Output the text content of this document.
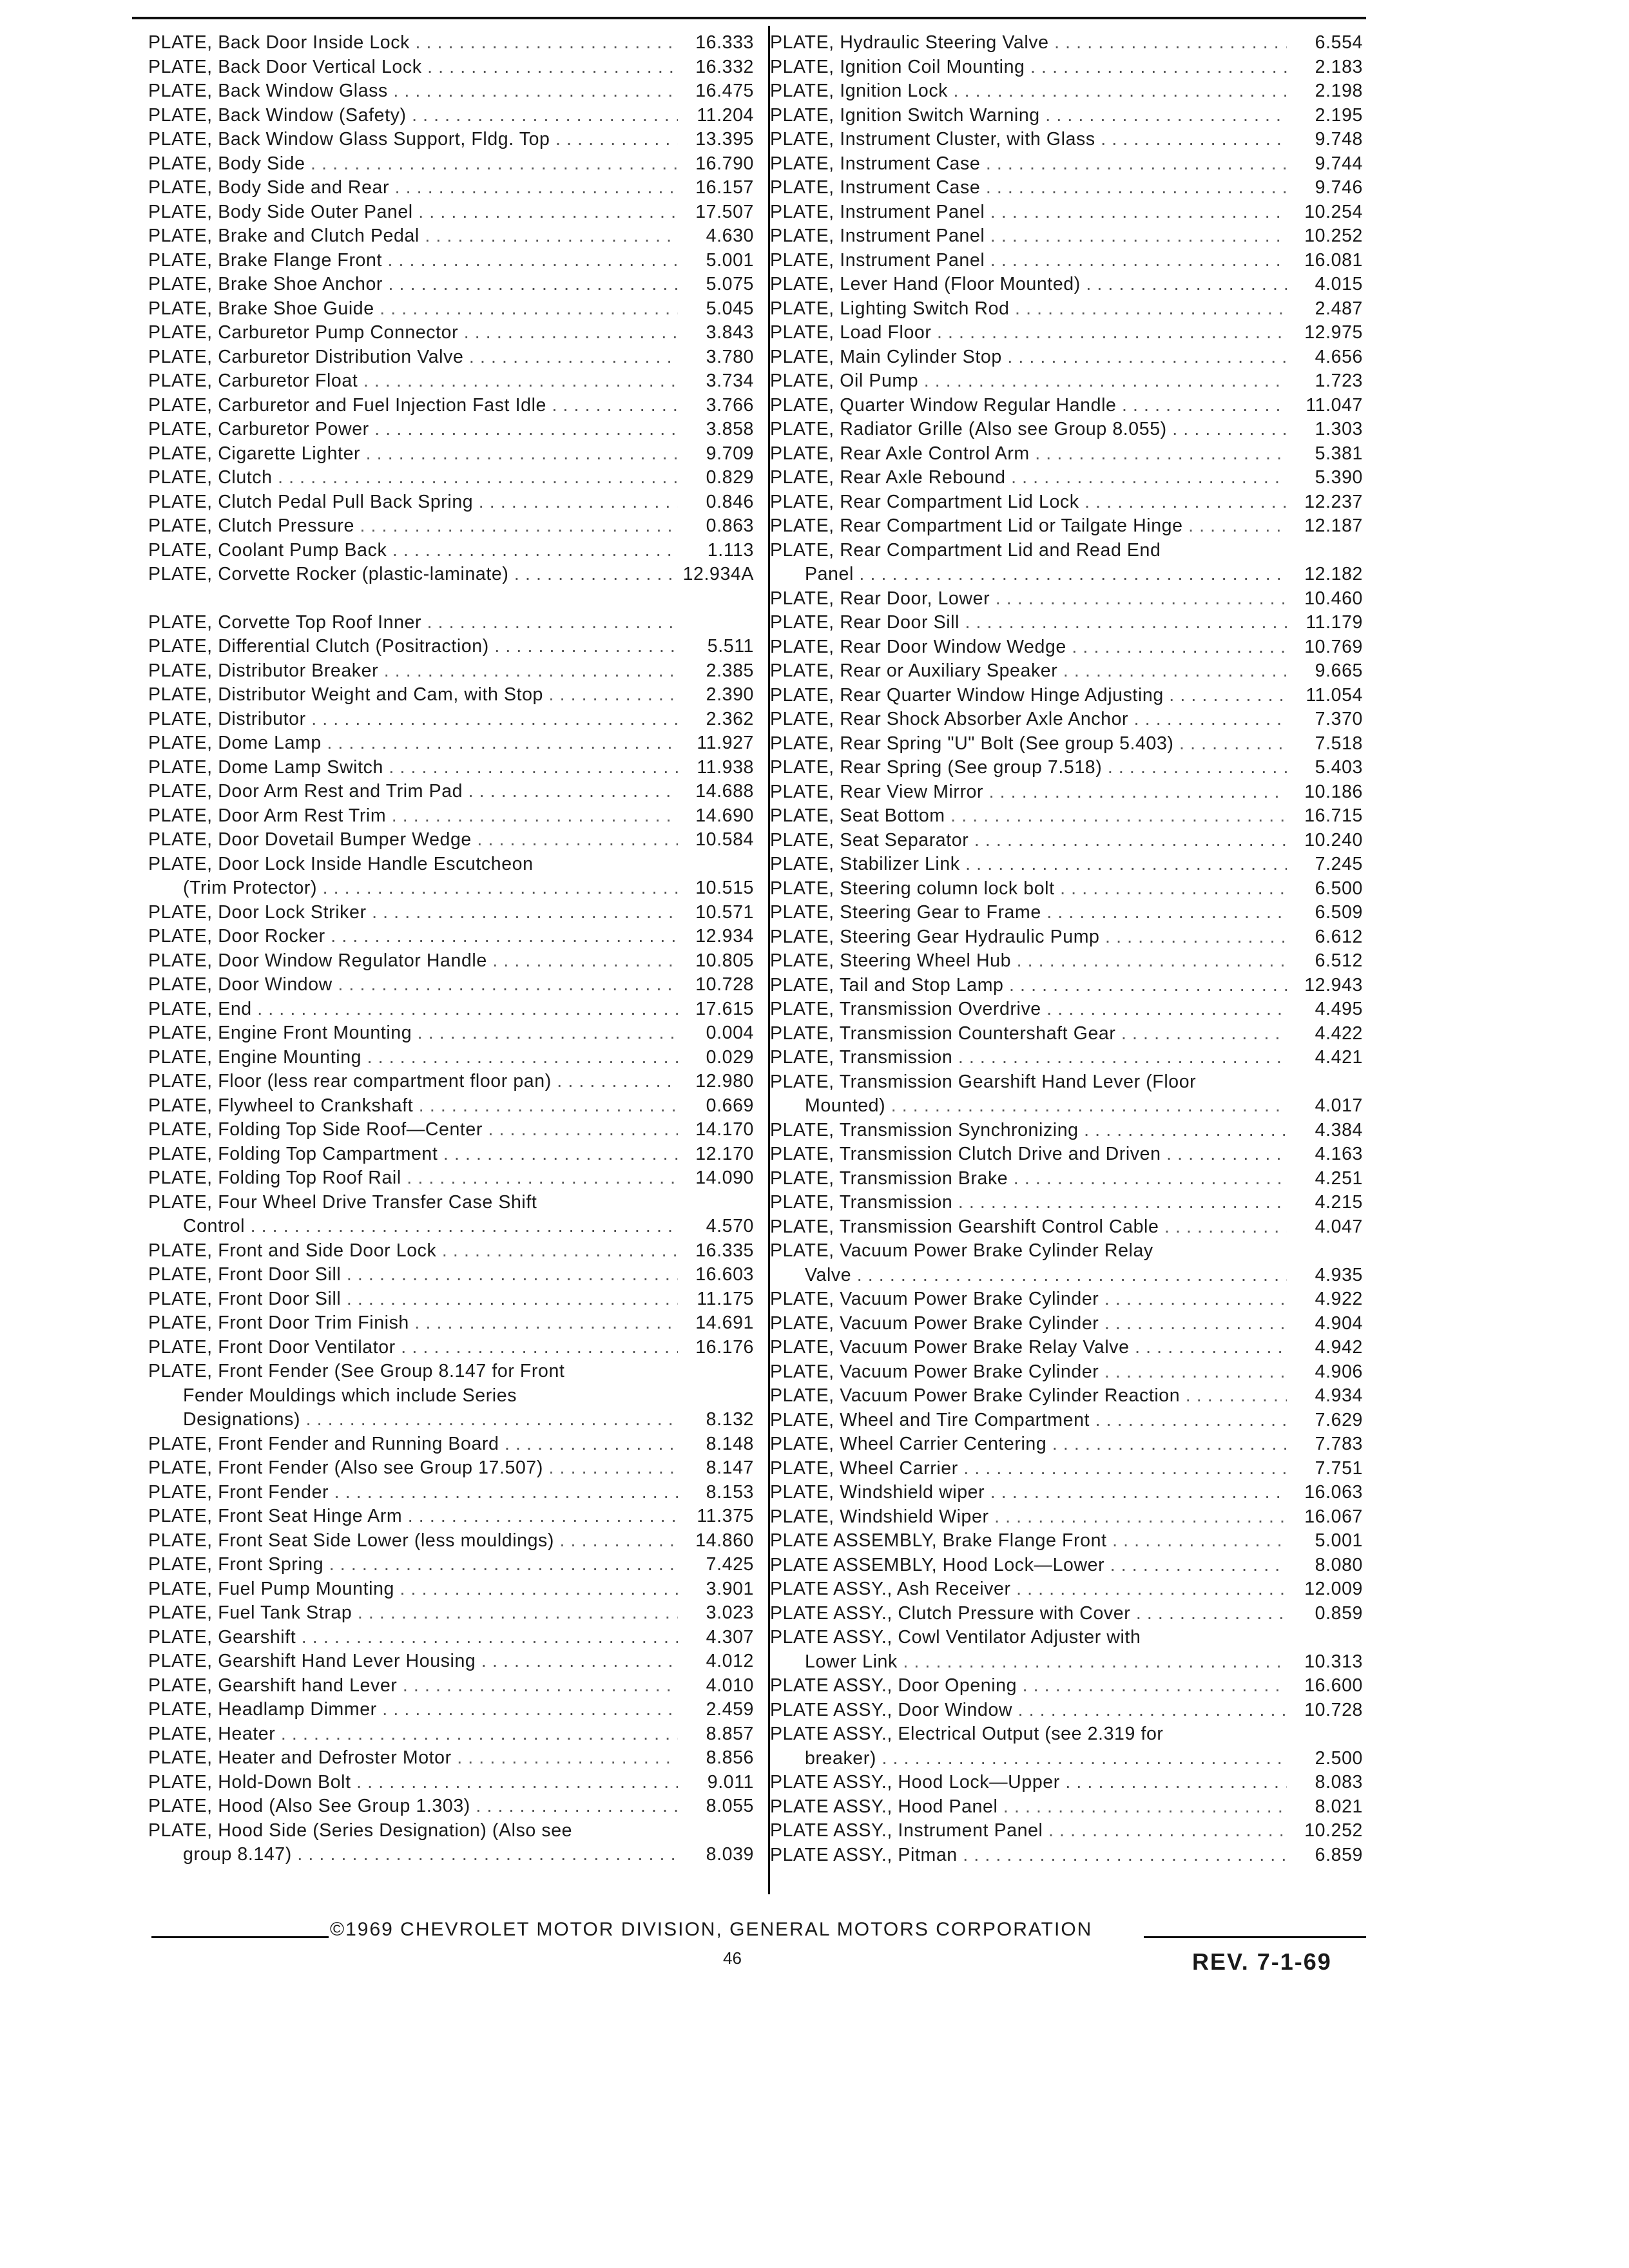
PLATE, Back Door Inside Lock . . .	16.333
PLATE, Back Door Vertical Lock . . .	16.332
PLATE, Back Window Glass . . .	16.475
PLATE, Back Window (Safety) . . .	11.204
PLATE, Back Window Glass Support, Fldg. Top . . .	13.395
PLATE, Body Side . . .	16.790
PLATE, Body Side and Rear . . .	16.157
PLATE, Body Side Outer Panel . . .	17.507
PLATE, Brake and Clutch Pedal . . .	4.630
PLATE, Brake Flange Front . . .	5.001
PLATE, Brake Shoe Anchor . . .	5.075
PLATE, Brake Shoe Guide . . .	5.045
PLATE, Carburetor Pump Connector . . .	3.843
PLATE, Carburetor Distribution Valve . . .	3.780
PLATE, Carburetor Float . . .	3.734
PLATE, Carburetor and Fuel Injection Fast Idle . . .	3.766
PLATE, Carburetor Power . . .	3.858
PLATE, Cigarette Lighter . . .	9.709
PLATE, Clutch . . .	0.829
PLATE, Clutch Pedal Pull Back Spring . . .	0.846
PLATE, Clutch Pressure . . .	0.863
PLATE, Coolant Pump Back . . .	1.113
PLATE, Corvette Rocker (plastic-laminate) . . .	12.934A
PLATE, Corvette Top Roof Inner . . .
PLATE, Differential Clutch (Positraction) . . .	5.511
PLATE, Distributor Breaker . . .	2.385
PLATE, Distributor Weight and Cam, with Stop . . .	2.390
PLATE, Distributor . . .	2.362
PLATE, Dome Lamp . . .	11.927
PLATE, Dome Lamp Switch . . .	11.938
PLATE, Door Arm Rest and Trim Pad . . .	14.688
PLATE, Door Arm Rest Trim . . .	14.690
PLATE, Door Dovetail Bumper Wedge . . .	10.584
PLATE, Door Lock Inside Handle Escutcheon
(Trim Protector) . . .	10.515
PLATE, Door Lock Striker . . .	10.571
PLATE, Door Rocker . . .	12.934
PLATE, Door Window Regulator Handle . . .	10.805
PLATE, Door Window . . .	10.728
PLATE, End . . .	17.615
PLATE, Engine Front Mounting . . .	0.004
PLATE, Engine Mounting . . .	0.029
PLATE, Floor (less rear compartment floor pan) . . .	12.980
PLATE, Flywheel to Crankshaft . . .	0.669
PLATE, Folding Top Side Roof—Center . . .	14.170
PLATE, Folding Top Campartment . . .	12.170
PLATE, Folding Top Roof Rail . . .	14.090
PLATE, Four Wheel Drive Transfer Case Shift
Control . . .	4.570
PLATE, Front and Side Door Lock . . .	16.335
PLATE, Front Door Sill . . .	16.603
PLATE, Front Door Sill . . .	11.175
PLATE, Front Door Trim Finish . . .	14.691
PLATE, Front Door Ventilator . . .	16.176
PLATE, Front Fender (See Group 8.147 for Front
Fender Mouldings which include Series
Designations) . . .	8.132
PLATE, Front Fender and Running Board . . .	8.148
PLATE, Front Fender (Also see Group 17.507) . . .	8.147
PLATE, Front Fender . . .	8.153
PLATE, Front Seat Hinge Arm . . .	11.375
PLATE, Front Seat Side Lower (less mouldings) . . .	14.860
PLATE, Front Spring . . .	7.425
PLATE, Fuel Pump Mounting . . .	3.901
PLATE, Fuel Tank Strap . . .	3.023
PLATE, Gearshift . . .	4.307
PLATE, Gearshift Hand Lever Housing . . .	4.012
PLATE, Gearshift hand Lever . . .	4.010
PLATE, Headlamp Dimmer . . .	2.459
PLATE, Heater . . .	8.857
PLATE, Heater and Defroster Motor . . .	8.856
PLATE, Hold-Down Bolt . . .	9.011
PLATE, Hood (Also See Group 1.303) . . .	8.055
PLATE, Hood Side (Series Designation) (Also see
group 8.147) . . .	8.039
PLATE, Hydraulic Steering Valve . . .	6.554
PLATE, Ignition Coil Mounting . . .	2.183
PLATE, Ignition Lock . . .	2.198
PLATE, Ignition Switch Warning . . .	2.195
PLATE, Instrument Cluster, with Glass . . .	9.748
PLATE, Instrument Case . . .	9.744
PLATE, Instrument Case . . .	9.746
PLATE, Instrument Panel . . .	10.254
PLATE, Instrument Panel . . .	10.252
PLATE, Instrument Panel . . .	16.081
PLATE, Lever Hand (Floor Mounted) . . .	4.015
PLATE, Lighting Switch Rod . . .	2.487
PLATE, Load Floor . . .	12.975
PLATE, Main Cylinder Stop . . .	4.656
PLATE, Oil Pump . . .	1.723
PLATE, Quarter Window Regular Handle . . .	11.047
PLATE, Radiator Grille (Also see Group 8.055) . . .	1.303
PLATE, Rear Axle Control Arm . . .	5.381
PLATE, Rear Axle Rebound . . .	5.390
PLATE, Rear Compartment Lid Lock . . .	12.237
PLATE, Rear Compartment Lid or Tailgate Hinge . . .	12.187
PLATE, Rear Compartment Lid and Read End
Panel . . .	12.182
PLATE, Rear Door, Lower . . .	10.460
PLATE, Rear Door Sill . . .	11.179
PLATE, Rear Door Window Wedge . . .	10.769
PLATE, Rear or Auxiliary Speaker . . .	9.665
PLATE, Rear Quarter Window Hinge Adjusting . . .	11.054
PLATE, Rear Shock Absorber Axle Anchor . . .	7.370
PLATE, Rear Spring "U" Bolt (See group 5.403) . . .	7.518
PLATE, Rear Spring (See group 7.518) . . .	5.403
PLATE, Rear View Mirror . . .	10.186
PLATE, Seat Bottom . . .	16.715
PLATE, Seat Separator . . .	10.240
PLATE, Stabilizer Link . . .	7.245
PLATE, Steering column lock bolt . . .	6.500
PLATE, Steering Gear to Frame . . .	6.509
PLATE, Steering Gear Hydraulic Pump . . .	6.612
PLATE, Steering Wheel Hub . . .	6.512
PLATE, Tail and Stop Lamp . . .	12.943
PLATE, Transmission Overdrive . . .	4.495
PLATE, Transmission Countershaft Gear . . .	4.422
PLATE, Transmission . . .	4.421
PLATE, Transmission Gearshift Hand Lever (Floor
Mounted) . . .	4.017
PLATE, Transmission Synchronizing . . .	4.384
PLATE, Transmission Clutch Drive and Driven . . .	4.163
PLATE, Transmission Brake . . .	4.251
PLATE, Transmission . . .	4.215
PLATE, Transmission Gearshift Control Cable . . .	4.047
PLATE, Vacuum Power Brake Cylinder Relay
Valve . . .	4.935
PLATE, Vacuum Power Brake Cylinder . . .	4.922
PLATE, Vacuum Power Brake Cylinder . . .	4.904
PLATE, Vacuum Power Brake Relay Valve . . .	4.942
PLATE, Vacuum Power Brake Cylinder . . .	4.906
PLATE, Vacuum Power Brake Cylinder Reaction . . .	4.934
PLATE, Wheel and Tire Compartment . . .	7.629
PLATE, Wheel Carrier Centering . . .	7.783
PLATE, Wheel Carrier . . .	7.751
PLATE, Windshield wiper . . .	16.063
PLATE, Windshield Wiper . . .	16.067
PLATE ASSEMBLY, Brake Flange Front . . .	5.001
PLATE ASSEMBLY, Hood Lock—Lower . . .	8.080
PLATE ASSY., Ash Receiver . . .	12.009
PLATE ASSY., Clutch Pressure with Cover . . .	0.859
PLATE ASSY., Cowl Ventilator Adjuster with
Lower Link . . .	10.313
PLATE ASSY., Door Opening . . .	16.600
PLATE ASSY., Door Window . . .	10.728
PLATE ASSY., Electrical Output (see 2.319 for
breaker) . . .	2.500
PLATE ASSY., Hood Lock—Upper . . .	8.083
PLATE ASSY., Hood Panel . . .	8.021
PLATE ASSY., Instrument Panel . . .	10.252
PLATE ASSY., Pitman . . .	6.859
©1969 CHEVROLET MOTOR DIVISION, GENERAL MOTORS CORPORATION
46	REV. 7-1-69
